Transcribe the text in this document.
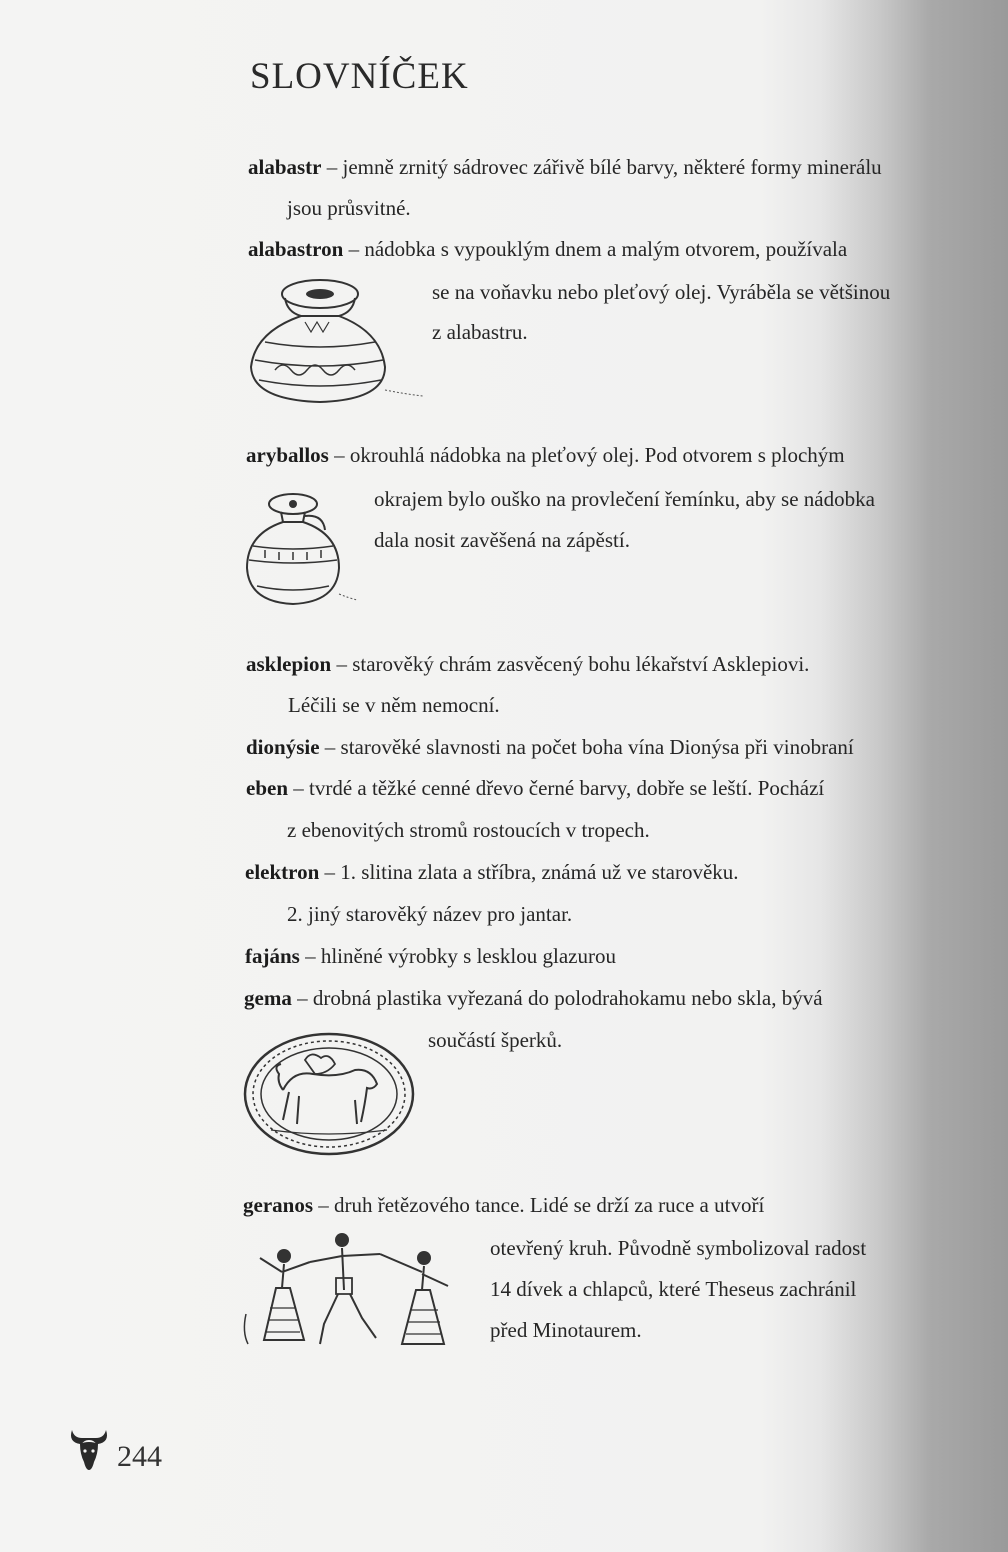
SLOVNÍČEK
alabastr – jemně zrnitý sádrovec zářivě bílé barvy, některé formy minerálu
jsou průsvitné.
alabastron – nádobka s vypouklým dnem a malým otvorem, používala
se na voňavku nebo pleťový olej. Vyráběla se většinou
z alabastru.
aryballos – okrouhlá nádobka na pleťový olej. Pod otvorem s plochým
okrajem bylo ouško na provlečení řemínku, aby se nádobka
dala nosit zavěšená na zápěstí.
asklepion – starověký chrám zasvěcený bohu lékařství Asklepiovi.
Léčili se v něm nemocní.
dionýsie – starověké slavnosti na počet boha vína Dionýsa při vinobraní
eben – tvrdé a těžké cenné dřevo černé barvy, dobře se leští. Pochází
z ebenovitých stromů rostoucích v tropech.
elektron – 1. slitina zlata a stříbra, známá už ve starověku.
2. jiný starověký název pro jantar.
fajáns – hliněné výrobky s lesklou glazurou
gema – drobná plastika vyřezaná do polodrahokamu nebo skla, bývá
součástí šperků.
geranos – druh řetězového tance. Lidé se drží za ruce a utvoří
otevřený kruh. Původně symbolizoval radost
14 dívek a chlapců, které Theseus zachránil
před Minotaurem.
244
